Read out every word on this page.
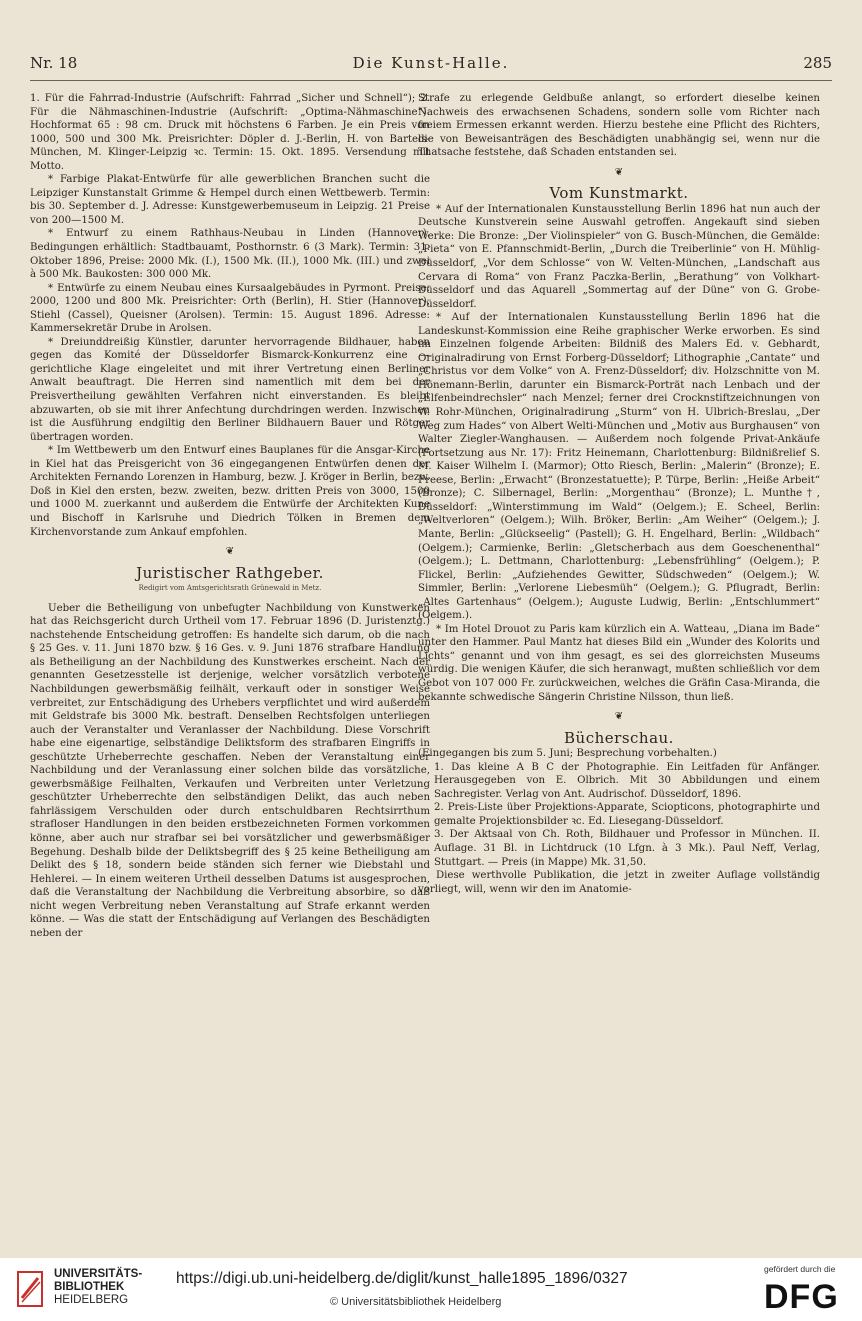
Nr. 18	Die Kunst-Halle.	285

1. Für die Fahrrad-Industrie (Aufschrift: Fahrrad „Sicher und Schnell“); 2. Für die Nähmaschinen-Industrie (Aufschrift: „Optima-Nähmaschine“). Hochformat 65 : 98 cm. Druck mit höchstens 6 Farben. Je ein Preis von 1000, 500 und 300 Mk. Preisrichter: Döpler d. J.-Berlin, H. von Bartels-München, M. Klinger-Leipzig ꝛc. Termin: 15. Okt. 1895. Versendung mit Motto.

* Farbige Plakat-Entwürfe für alle gewerblichen Branchen sucht die Leipziger Kunstanstalt Grimme & Hempel durch einen Wettbewerb. Termin: bis 30. September d. J. Adresse: Kunstgewerbemuseum in Leipzig. 21 Preise von 200—1500 M.

* Entwurf zu einem Rathhaus-Neubau in Linden (Hannover). Bedingungen erhältlich: Stadtbauamt, Posthornstr. 6 (3 Mark). Termin: 31. Oktober 1896, Preise: 2000 Mk. (I.), 1500 Mk. (II.), 1000 Mk. (III.) und zwei à 500 Mk. Baukosten: 300 000 Mk.

* Entwürfe zu einem Neubau eines Kursaalgebäudes in Pyrmont. Preise: 2000, 1200 und 800 Mk. Preisrichter: Orth (Berlin), H. Stier (Hannover), Stiehl (Cassel), Queisner (Arolsen). Termin: 15. August 1896. Adresse: Kammersekretär Drube in Arolsen.

* Dreiunddreißig Künstler, darunter hervorragende Bildhauer, haben gegen das Komité der Düsseldorfer Bismarck-Konkurrenz eine — gerichtliche Klage eingeleitet und mit ihrer Vertretung einen Berliner Anwalt beauftragt. Die Herren sind namentlich mit dem bei der Preisvertheilung gewählten Verfahren nicht einverstanden. Es bleibt abzuwarten, ob sie mit ihrer Anfechtung durchdringen werden. Inzwischen ist die Ausführung endgiltig den Berliner Bildhauern Bauer und Rötger übertragen worden.

* Im Wettbewerb um den Entwurf eines Bauplanes für die Ansgar-Kirche in Kiel hat das Preisgericht von 36 eingegangenen Entwürfen denen der Architekten Fernando Lorenzen in Hamburg, bezw. J. Kröger in Berlin, bezw. Doß in Kiel den ersten, bezw. zweiten, bezw. dritten Preis von 3000, 1500 und 1000 M. zuerkannt und außerdem die Entwürfe der Architekten Kune und Bischoff in Karlsruhe und Diedrich Tölken in Bremen dem Kirchenvorstande zum Ankauf empfohlen.

❦
Juristischer Rathgeber.
Redigirt vom Amtsgerichtsrath Grünewald in Metz.

Ueber die Betheiligung von unbefugter Nachbildung von Kunstwerken hat das Reichsgericht durch Urtheil vom 17. Februar 1896 (D. Juristenztg.) nachstehende Entscheidung getroffen: Es handelte sich darum, ob die nach § 25 Ges. v. 11. Juni 1870 bzw. § 16 Ges. v. 9. Juni 1876 strafbare Handlung als Betheiligung an der Nachbildung des Kunstwerkes erscheint. Nach der genannten Gesetzesstelle ist derjenige, welcher vorsätzlich verbotene Nachbildungen gewerbsmäßig feilhält, verkauft oder in sonstiger Weise verbreitet, zur Entschädigung des Urhebers verpflichtet und wird außerdem mit Geldstrafe bis 3000 Mk. bestraft. Denselben Rechtsfolgen unterliegen auch der Veranstalter und Veranlasser der Nachbildung. Diese Vorschrift habe eine eigenartige, selbständige Deliktsform des strafbaren Eingriffs in geschützte Urheberrechte geschaffen. Neben der Veranstaltung einer Nachbildung und der Veranlassung einer solchen bilde das vorsätzliche, gewerbsmäßige Feilhalten, Verkaufen und Verbreiten unter Verletzung geschützter Urheberrechte den selbständigen Delikt, das auch neben fahrlässigem Verschulden oder durch entschuldbaren Rechtsirrthum strafloser Handlungen in den beiden erstbezeichneten Formen vorkommen könne, aber auch nur strafbar sei bei vorsätzlicher und gewerbsmäßiger Begehung. Deshalb bilde der Deliktsbegriff des § 25 keine Betheiligung am Delikt des § 18, sondern beide ständen sich ferner wie Diebstahl und Hehlerei. — In einem weiteren Urtheil desselben Datums ist ausgesprochen, daß die Veranstaltung der Nachbildung die Verbreitung absorbire, so daß nicht wegen Verbreitung neben Veranstaltung auf Strafe erkannt werden könne. — Was die statt der Entschädigung auf Verlangen des Beschädigten neben der

Strafe zu erlegende Geldbuße anlangt, so erfordert dieselbe keinen Nachweis des erwachsenen Schadens, sondern solle vom Richter nach freiem Ermessen erkannt werden. Hierzu bestehe eine Pflicht des Richters, die von Beweisanträgen des Beschädigten unabhängig sei, wenn nur die Thatsache feststehe, daß Schaden entstanden sei.

❦
Vom Kunstmarkt.

* Auf der Internationalen Kunstausstellung Berlin 1896 hat nun auch der Deutsche Kunstverein seine Auswahl getroffen. Angekauft sind sieben Werke: Die Bronze: „Der Violinspieler“ von G. Busch-München, die Gemälde: „Pieta“ von E. Pfannschmidt-Berlin, „Durch die Treiberlinie“ von H. Mühlig-Düsseldorf, „Vor dem Schlosse“ von W. Velten-München, „Landschaft aus Cervara di Roma“ von Franz Paczka-Berlin, „Berathung“ von Volkhart-Düsseldorf und das Aquarell „Sommertag auf der Düne“ von G. Grobe-Düsseldorf.

* Auf der Internationalen Kunstausstellung Berlin 1896 hat die Landeskunst-Kommission eine Reihe graphischer Werke erworben. Es sind im Einzelnen folgende Arbeiten: Bildniß des Malers Ed. v. Gebhardt, Originalradirung von Ernst Forberg-Düsseldorf; Lithographie „Cantate“ und „Christus vor dem Volke“ von A. Frenz-Düsseldorf; div. Holzschnitte von M. Hönemann-Berlin, darunter ein Bismarck-Porträt nach Lenbach und der „Elfenbeindrechsler“ nach Menzel; ferner drei Crocknstiftzeichnungen von W. Rohr-München, Originalradirung „Sturm“ von H. Ulbrich-Breslau, „Der Weg zum Hades“ von Albert Welti-München und „Motiv aus Burghausen“ von Walter Ziegler-Wanghausen. — Außerdem noch folgende Privat-Ankäufe (Fortsetzung aus Nr. 17): Fritz Heinemann, Charlottenburg: Bildnißrelief S. M. Kaiser Wilhelm I. (Marmor); Otto Riesch, Berlin: „Malerin“ (Bronze); E. Freese, Berlin: „Erwacht“ (Bronzestatuette); P. Türpe, Berlin: „Heiße Arbeit“ (Bronze); C. Silbernagel, Berlin: „Morgenthau“ (Bronze); L. Munthe†, Düsseldorf: „Winterstimmung im Wald“ (Oelgem.); E. Scheel, Berlin: „Weltverloren“ (Oelgem.); Wilh. Bröker, Berlin: „Am Weiher“ (Oelgem.); J. Mante, Berlin: „Glückseelig“ (Pastell); G. H. Engelhard, Berlin: „Wildbach“ (Oelgem.); Carmienke, Berlin: „Gletscherbach aus dem Goeschenenthal“ (Oelgem.); L. Dettmann, Charlottenburg: „Lebensfrühling“ (Oelgem.); P. Flickel, Berlin: „Aufziehendes Gewitter, Südschweden“ (Oelgem.); W. Simmler, Berlin: „Verlorene Liebesmüh“ (Oelgem.); G. Pflugradt, Berlin: „Altes Gartenhaus“ (Oelgem.); Auguste Ludwig, Berlin: „Entschlummert“ (Oelgem.).

* Im Hotel Drouot zu Paris kam kürzlich ein A. Watteau, „Diana im Bade“ unter den Hammer. Paul Mantz hat dieses Bild ein „Wunder des Kolorits und Lichts“ genannt und von ihm gesagt, es sei des glorreichsten Museums würdig. Die wenigen Käufer, die sich heranwagt, mußten schließlich vor dem Gebot von 107 000 Fr. zurückweichen, welches die Gräfin Casa-Miranda, die bekannte schwedische Sängerin Christine Nilsson, thun ließ.

❦
Bücherschau.

(Eingegangen bis zum 5. Juni; Besprechung vorbehalten.)

1. Das kleine A B C der Photographie. Ein Leitfaden für Anfänger. Herausgegeben von E. Olbrich. Mit 30 Abbildungen und einem Sachregister. Verlag von Ant. Audrischof. Düsseldorf, 1896.

2. Preis-Liste über Projektions-Apparate, Sciopticons, photographirte und gemalte Projektionsbilder ꝛc. Ed. Liesegang-Düsseldorf.

3. Der Aktsaal von Ch. Roth, Bildhauer und Professor in München. II. Auflage. 31 Bl. in Lichtdruck (10 Lfgn. à 3 Mk.). Paul Neff, Verlag, Stuttgart. — Preis (in Mappe) Mk. 31,50.

Diese werthvolle Publikation, die jetzt in zweiter Auflage vollständig vorliegt, will, wenn wir den im Anatomie-

UNIVERSITÄTS-
BIBLIOTHEK
HEIDELBERG
https://digi.ub.uni-heidelberg.de/diglit/kunst_halle1895_1896/0327
© Universitätsbibliothek Heidelberg
gefördert durch die
DFG
